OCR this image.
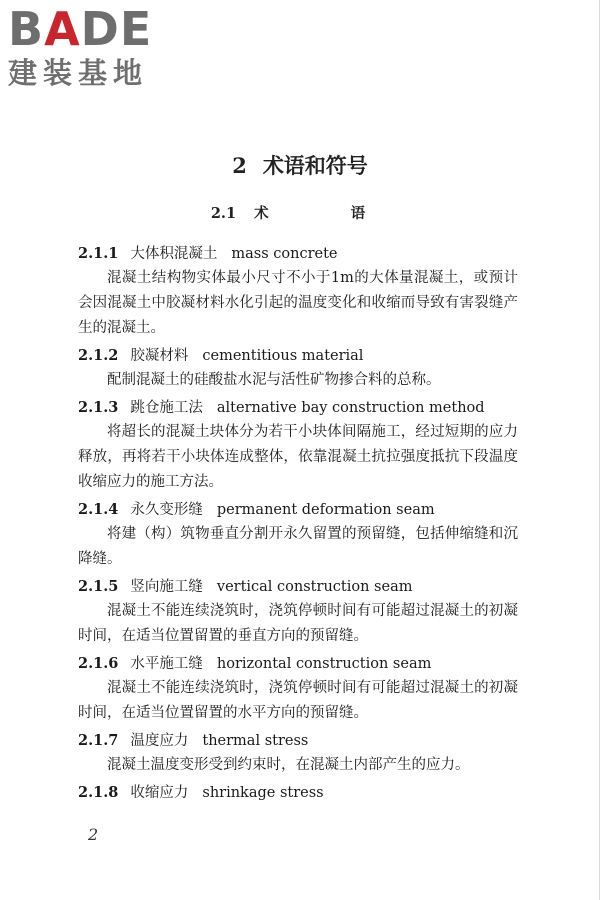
BADE
建装基地
2 术语和符号
2.1 术  语
2.1.1 大体积混凝土 mass concrete
混凝土结构物实体最小尺寸不小于1m的大体量混凝土，或预计会因混凝土中胶凝材料水化引起的温度变化和收缩而导致有害裂缝产生的混凝土。
2.1.2 胶凝材料 cementitious material
配制混凝土的硅酸盐水泥与活性矿物掺合料的总称。
2.1.3 跳仓施工法 alternative bay construction method
将超长的混凝土块体分为若干小块体间隔施工，经过短期的应力释放，再将若干小块体连成整体，依靠混凝土抗拉强度抵抗下段温度收缩应力的施工方法。
2.1.4 永久变形缝 permanent deformation seam
将建（构）筑物垂直分割开永久留置的预留缝，包括伸缩缝和沉降缝。
2.1.5 竖向施工缝 vertical construction seam
混凝土不能连续浇筑时，浇筑停顿时间有可能超过混凝土的初凝时间，在适当位置留置的垂直方向的预留缝。
2.1.6 水平施工缝 horizontal construction seam
混凝土不能连续浇筑时，浇筑停顿时间有可能超过混凝土的初凝时间，在适当位置留置的水平方向的预留缝。
2.1.7 温度应力 thermal stress
混凝土温度变形受到约束时，在混凝土内部产生的应力。
2.1.8 收缩应力 shrinkage stress
2
